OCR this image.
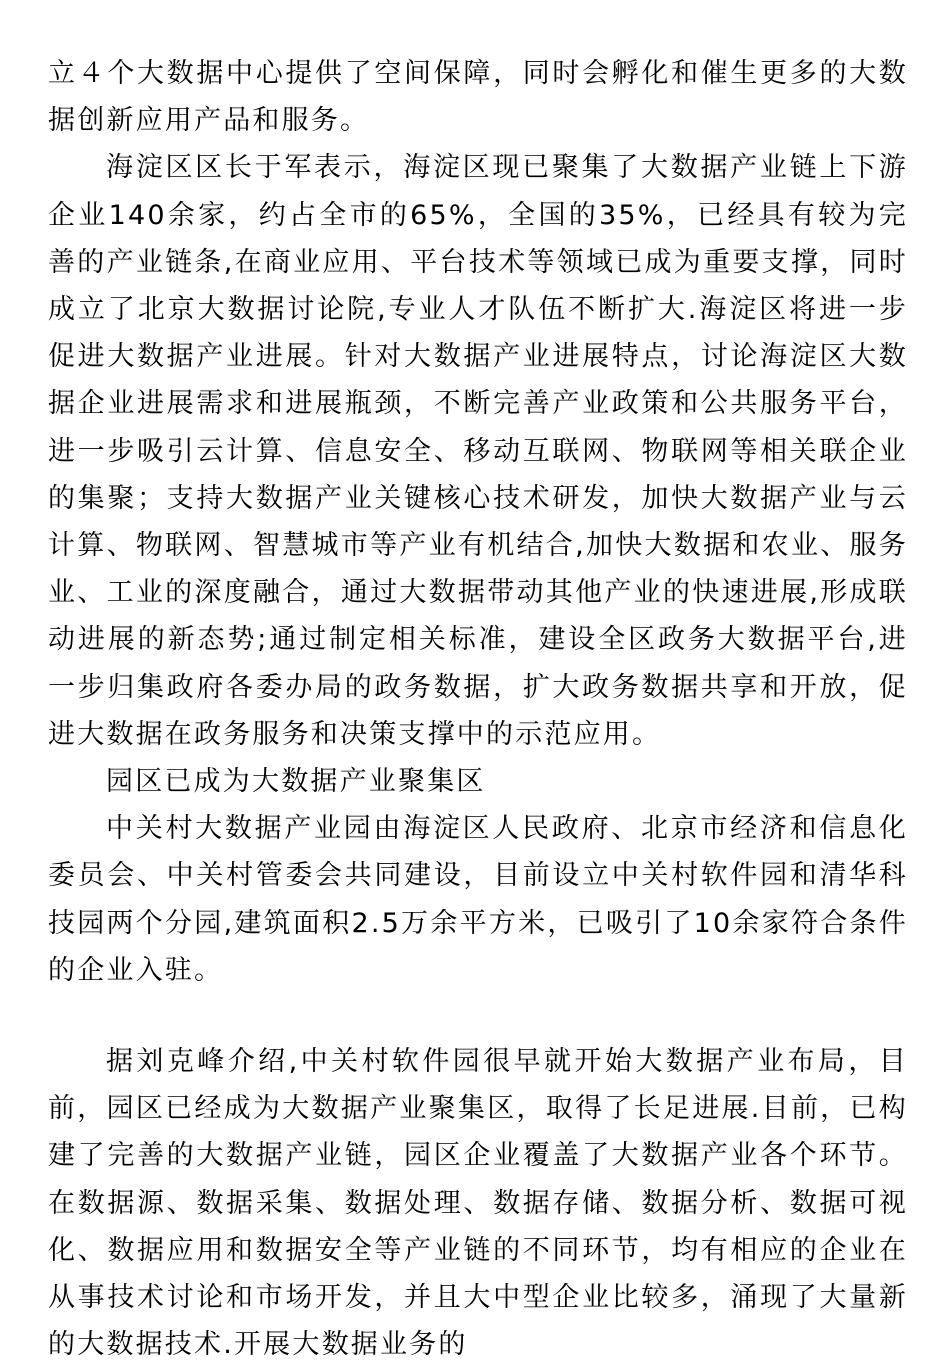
立４个大数据中心提供了空间保障，同时会孵化和催生更多的大数据创新应用产品和服务。

海淀区区长于军表示，海淀区现已聚集了大数据产业链上下游企业140余家，约占全市的65%，全国的35%，已经具有较为完善的产业链条,在商业应用、平台技术等领域已成为重要支撑，同时成立了北京大数据讨论院,专业人才队伍不断扩大.海淀区将进一步促进大数据产业进展。针对大数据产业进展特点，讨论海淀区大数据企业进展需求和进展瓶颈，不断完善产业政策和公共服务平台，进一步吸引云计算、信息安全、移动互联网、物联网等相关联企业的集聚；支持大数据产业关键核心技术研发，加快大数据产业与云计算、物联网、智慧城市等产业有机结合,加快大数据和农业、服务业、工业的深度融合，通过大数据带动其他产业的快速进展,形成联动进展的新态势;通过制定相关标准，建设全区政务大数据平台,进一步归集政府各委办局的政务数据，扩大政务数据共享和开放，促进大数据在政务服务和决策支撑中的示范应用。

园区已成为大数据产业聚集区

中关村大数据产业园由海淀区人民政府、北京市经济和信息化委员会、中关村管委会共同建设，目前设立中关村软件园和清华科技园两个分园,建筑面积2.5万余平方米，已吸引了10余家符合条件的企业入驻。

据刘克峰介绍,中关村软件园很早就开始大数据产业布局，目前，园区已经成为大数据产业聚集区，取得了长足进展.目前，已构建了完善的大数据产业链，园区企业覆盖了大数据产业各个环节。在数据源、数据采集、数据处理、数据存储、数据分析、数据可视化、数据应用和数据安全等产业链的不同环节，均有相应的企业在从事技术讨论和市场开发，并且大中型企业比较多，涌现了大量新的大数据技术.开展大数据业务的
